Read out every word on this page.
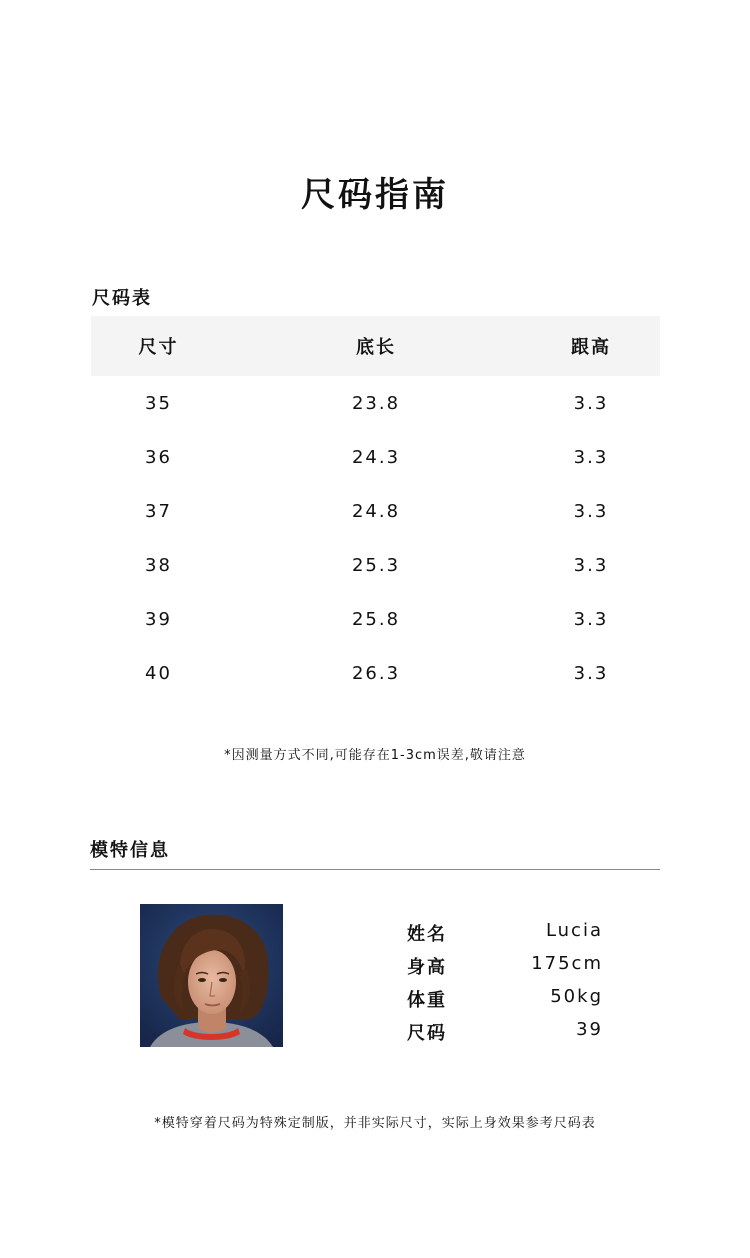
尺码指南
尺码表
尺寸	底长	跟高
35	23.8	3.3
36	24.3	3.3
37	24.8	3.3
38	25.3	3.3
39	25.8	3.3
40	26.3	3.3
*因测量方式不同,可能存在1-3cm误差,敬请注意
模特信息
姓名	Lucia
身高	175cm
体重	50kg
尺码	39
*模特穿着尺码为特殊定制版，并非实际尺寸，实际上身效果参考尺码表
